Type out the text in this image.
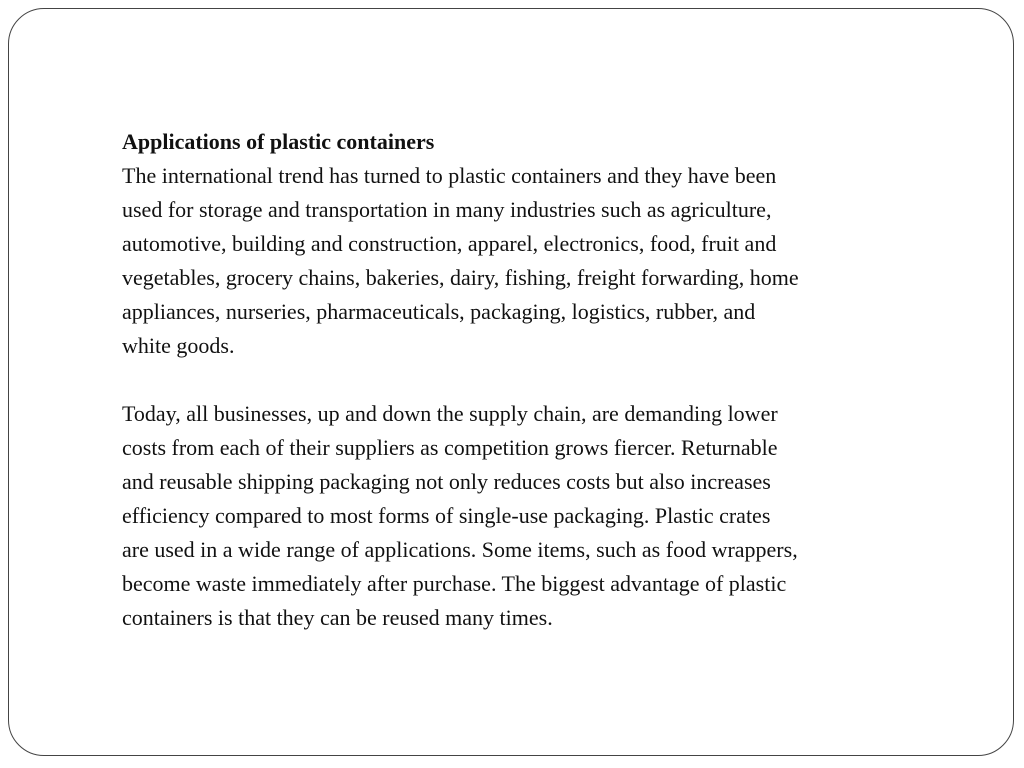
Applications of plastic containers
The international trend has turned to plastic containers and they have been
used for storage and transportation in many industries such as agriculture,
automotive, building and construction, apparel, electronics, food, fruit and
vegetables, grocery chains, bakeries, dairy, fishing, freight forwarding, home
appliances, nurseries, pharmaceuticals, packaging, logistics, rubber, and
white goods.
Today, all businesses, up and down the supply chain, are demanding lower
costs from each of their suppliers as competition grows fiercer. Returnable
and reusable shipping packaging not only reduces costs but also increases
efficiency compared to most forms of single-use packaging. Plastic crates
are used in a wide range of applications. Some items, such as food wrappers,
become waste immediately after purchase. The biggest advantage of plastic
containers is that they can be reused many times.
